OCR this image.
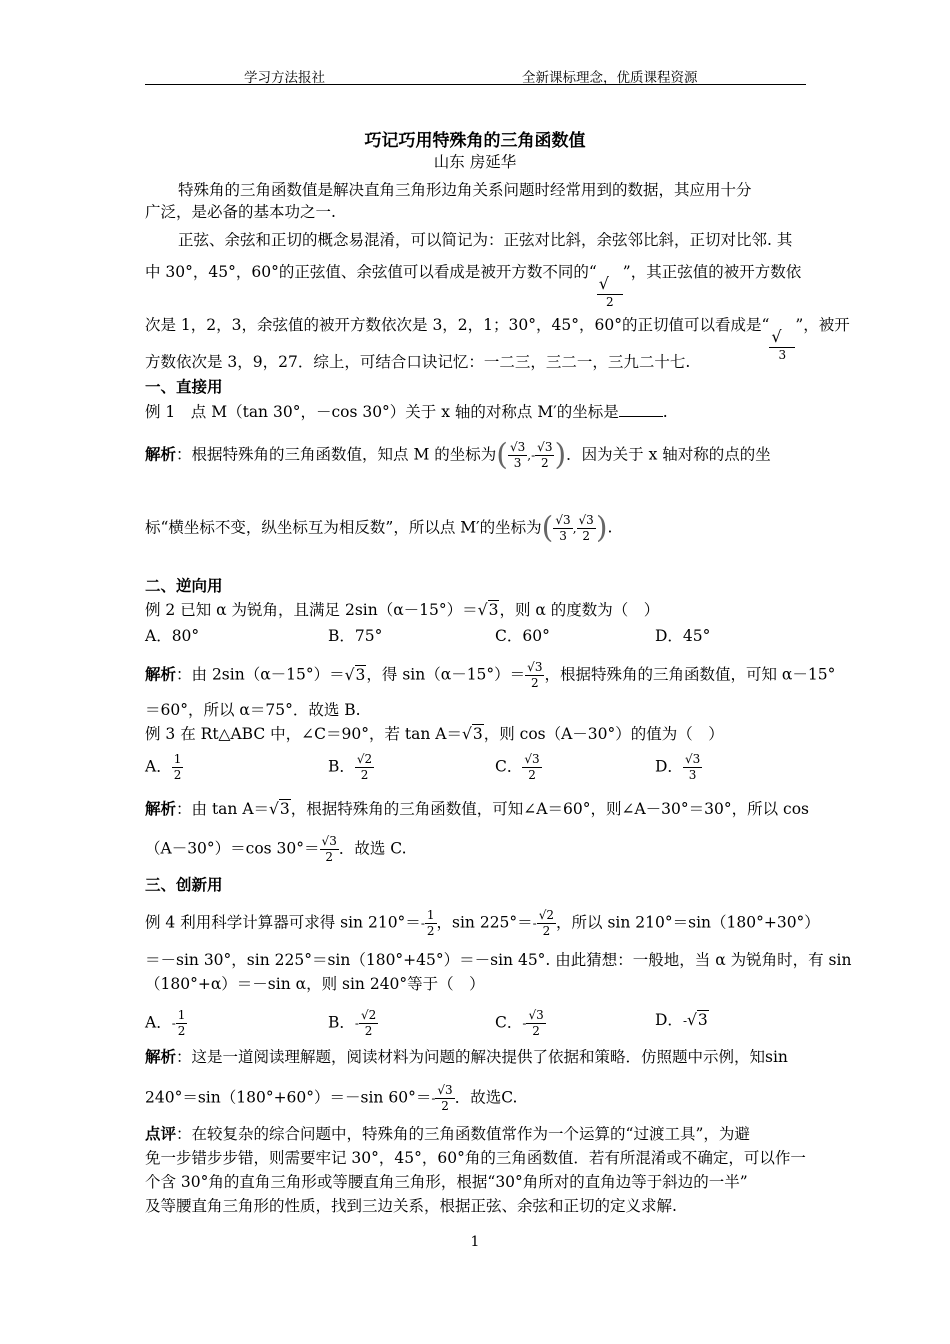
学习方法报社	全新课标理念，优质课程资源
巧记巧用特殊角的三角函数值
山东 房延华
特殊角的三角函数值是解决直角三角形边角关系问题时经常用到的数据，其应用十分
广泛，是必备的基本功之一.
正弦、余弦和正切的概念易混淆，可以简记为：正弦对比斜，余弦邻比斜，正切对比邻. 其
中 30°，45°，60°的正弦值、余弦值可以看成是被开方数不同的“
$\frac{√}{2}$
”，其正弦值的被开方数依
次是 1，2，3，余弦值的被开方数依次是 3，2，1；30°，45°，60°的正切值可以看成是“
$\frac{√}{3}$
”，被开
方数依次是 3，9，27．综上，可结合口诀记忆：一二三，三二一，三九二十七.
一、直接用
例 1　点 M（tan 30°，－cos 30°）关于 x 轴的对称点 M′的坐标是	.
解析：根据特殊角的三角函数值，知点 M 的坐标为( $\frac{√3}{3}$ ,- $\frac{√3}{2}$ )．因为关于 x 轴对称的点的坐
标“横坐标不变，纵坐标互为相反数”，所以点 M′的坐标为( $\frac{√3}{3}$ , $\frac{√3}{2}$ ).
二、逆向用
例 2 已知 α 为锐角，且满足 2sin（α－15°）＝√3，则 α 的度数为（　）
A．80°	B．75°	C．60°	D．45°
解析：由 2sin（α－15°）＝√3，得 $\sin(\alpha-15^\circ)= \frac{√3}{2}$ ，根据特殊角的三角函数值，可知 α－15°
＝60°，所以 α＝75°．故选 B.
例 3 在 Rt△ABC 中，∠C＝90°，若 tan A＝√3，则 cos（A－30°）的值为（　）
A． $\frac{1}{2}$	B． $\frac{√2}{2}$	C． $\frac{√3}{2}$	D． $\frac{√3}{3}$
解析：由 tan A＝√3，根据特殊角的三角函数值，可知∠A＝60°，则∠A－30°＝30°，所以 cos
（A－30°）＝cos $30^\circ= \frac{√3}{2}$ ．故选 C.
三、创新用
例 4 利用科学计算器可求得 $\sin 210^\circ=- \frac{1}{2}$ ，$\sin 225^\circ=- \frac{√2}{2}$ ，所以 sin 210°＝sin（180°+30°）
＝－sin 30°，sin 225°＝sin（180°+45°）＝－sin 45°. 由此猜想：一般地，当 α 为锐角时，有 sin
（180°+α）＝－sin α，则 sin 240°等于（　）
A．- $\frac{1}{2}$	B．- $\frac{√2}{2}$	C．- $\frac{√3}{2}$	D．-√3
解析：这是一道阅读理解题，阅读材料为问题的解决提供了依据和策略．仿照题中示例，知sin
240°＝sin（180°+60°）＝－sin $60^\circ=- \frac{√3}{2}$ ．故选C.
点评：在较复杂的综合问题中，特殊角的三角函数值常作为一个运算的“过渡工具”，为避
免一步错步步错，则需要牢记 30°，45°，60°角的三角函数值．若有所混淆或不确定，可以作一
个含 30°角的直角三角形或等腰直角三角形，根据“30°角所对的直角边等于斜边的一半”
及等腰直角三角形的性质，找到三边关系，根据正弦、余弦和正切的定义求解.
1
